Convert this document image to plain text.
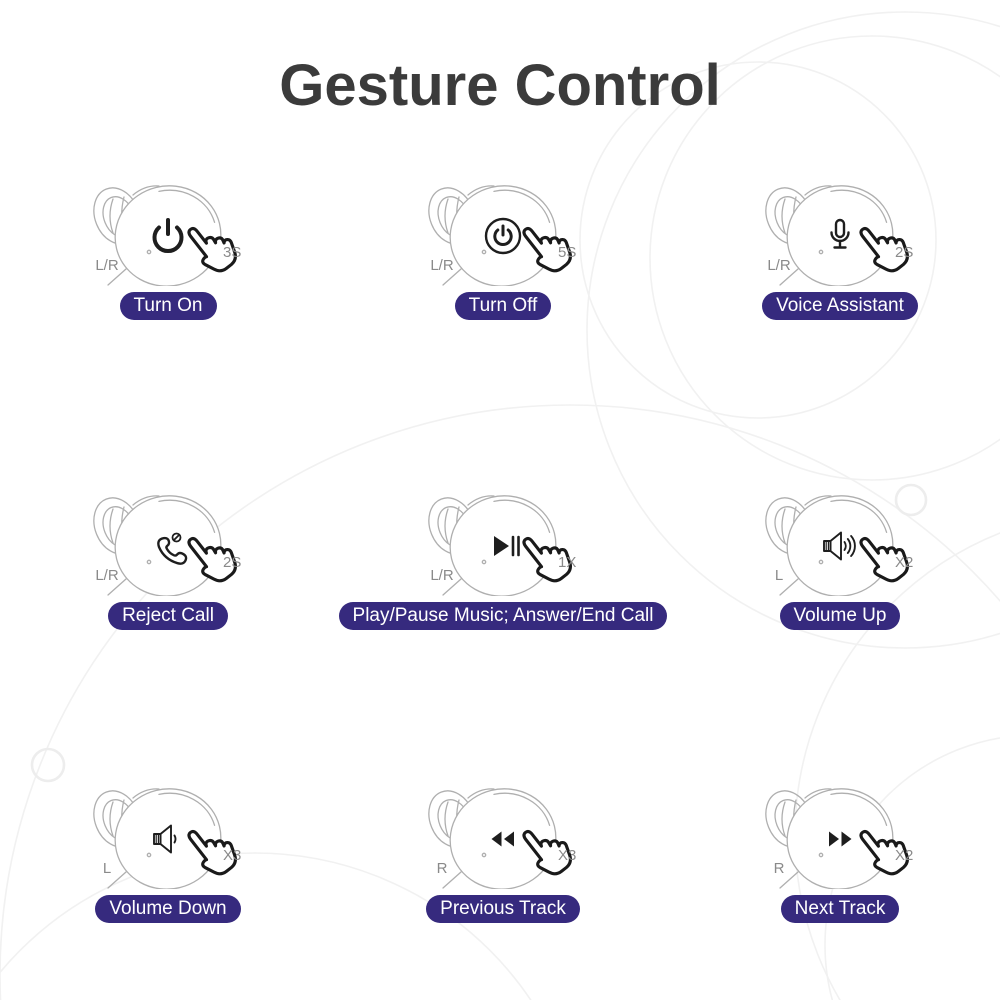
Gesture Control
3S
L/R
Turn On
5S
L/R
Turn Off
2S
L/R
Voice Assistant
2S
L/R
Reject Call
1X
L/R
Play/Pause Music; Answer/End Call
X2
L
Volume Up
X3
L
Volume Down
X3
R
Previous Track
X2
R
Next Track
